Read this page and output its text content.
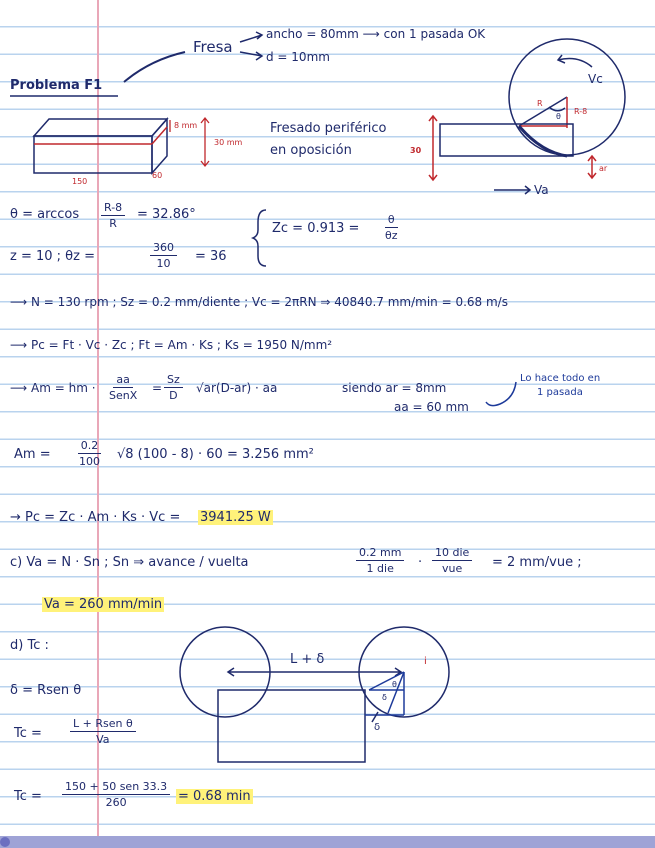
Fresa
ancho = 80mm ⟶ con 1 pasada OK
d = 10mm
Problema F1
8 mm
30 mm
150
60
Fresado periférico
en oposición
Vc
R
R-8
θ
30
ar
Va
$\theta = \arccos \frac{R-8}{R} = 32.86^\circ$
z = 10 ; θz =	$\frac{360}{10} = 36$
$Zc = 0.913 = \frac{\theta}{\theta z}$
⟶ N = 130 rpm ; Sz = 0.2 mm/diente ; Vc = 2πRN ⇒ 40840.7 mm/min = 0.68 m/s
⟶ Pc = Ft · Vc · Zc ; Ft = Am · Ks ; Ks = 1950 N/mm²
⟶ Am = hm ·
aa
SenX
= $\frac{Sz}{D} √ar(D-ar)$ · aa	siendo ar = 8mm
aa = 60 mm
Lo hace todo en
1 pasada
$Am = \frac{0.2}{100} √8$ (100 - 8) · 60 = 3.256 mm²
→ Pc = Zc · Am · Ks · Vc = 3941.25 W
c) Va = N · Sn ; Sn ⇒ avance / vuelta
0.2 mm
1 die ·
10 die
vue = 2 mm/vue ;
Va = 260 mm/min
d) Tc :
δ = Rsen θ
Tc =
L + Rsen θ
Va
Tc =
150 + 50 sen 33.3
260	= 0.68 min
L + δ	i
θ
δ
δ
